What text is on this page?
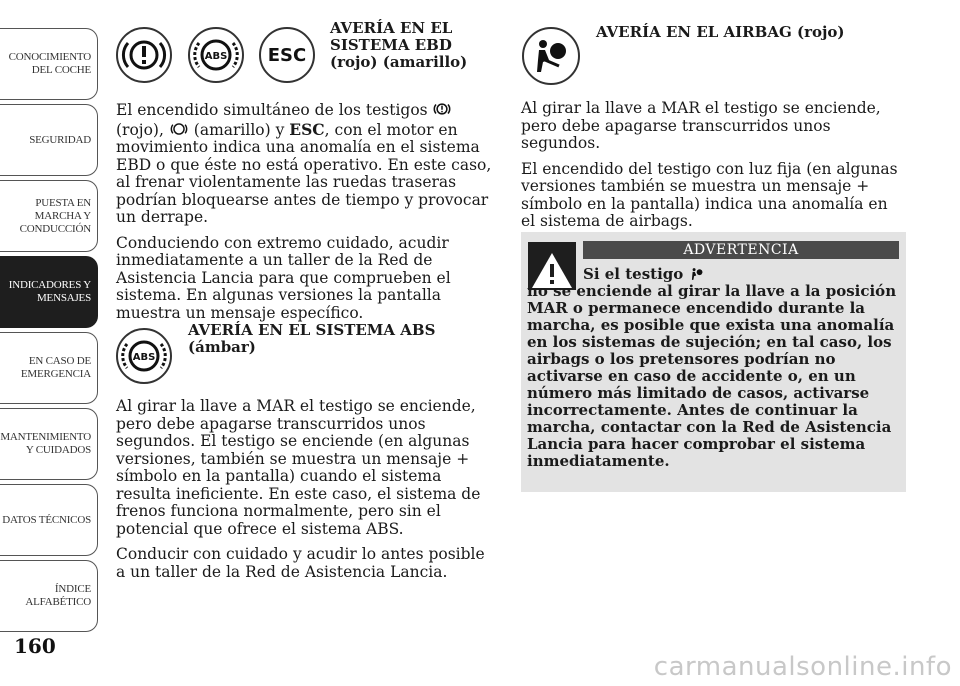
CONOCIMIENTO DEL COCHE
SEGURIDAD
PUESTA EN MARCHA Y CONDUCCIÓN
INDICADORES Y MENSAJES
EN CASO DE EMERGENCIA
MANTENIMIENTO Y CUIDADOS
DATOS TÉCNICOS
ÍNDICE ALFABÉTICO
160
ABS ESC
AVERÍA EN EL SISTEMA EBD (rojo) (amarillo)

El encendido simultáneo de los testigos  (rojo), (amarillo) y ESC, con el motor en movimiento indica una anomalía en el sistema EBD o que éste no está operativo. En este caso, al frenar violentamente las ruedas traseras podrían bloquearse antes de tiempo y provocar un derrape.

Conduciendo con extremo cuidado, acudir inmediatamente a un taller de la Red de Asistencia Lancia para que comprueben el sistema. En algunas versiones la pantalla muestra un mensaje específico.

AVERÍA EN EL SISTEMA ABS (ámbar)
ABS

Al girar la llave a MAR el testigo se enciende, pero debe apagarse transcurridos unos segundos. El testigo se enciende (en algunas versiones, también se muestra un mensaje + símbolo en la pantalla) cuando el sistema resulta ineficiente. En este caso, el sistema de frenos funciona normalmente, pero sin el potencial que ofrece el sistema ABS.

Conducir con cuidado y acudir lo antes posible a un taller de la Red de Asistencia Lancia.

AVERÍA EN EL AIRBAG (rojo)

Al girar la llave a MAR el testigo se enciende, pero debe apagarse transcurridos unos segundos.

El encendido del testigo con luz fija (en algunas versiones también se muestra un mensaje + símbolo en la pantalla) indica una anomalía en el sistema de airbags.

ADVERTENCIA
Si el testigo
no se enciende al girar la llave a la posición MAR o permanece encendido durante la marcha, es posible que exista una anomalía en los sistemas de sujeción; en tal caso, los airbags o los pretensores podrían no activarse en caso de accidente o, en un número más limitado de casos, activarse incorrectamente. Antes de continuar la marcha, contactar con la Red de Asistencia Lancia para hacer comprobar el sistema inmediatamente.
carmanualsonline.info
